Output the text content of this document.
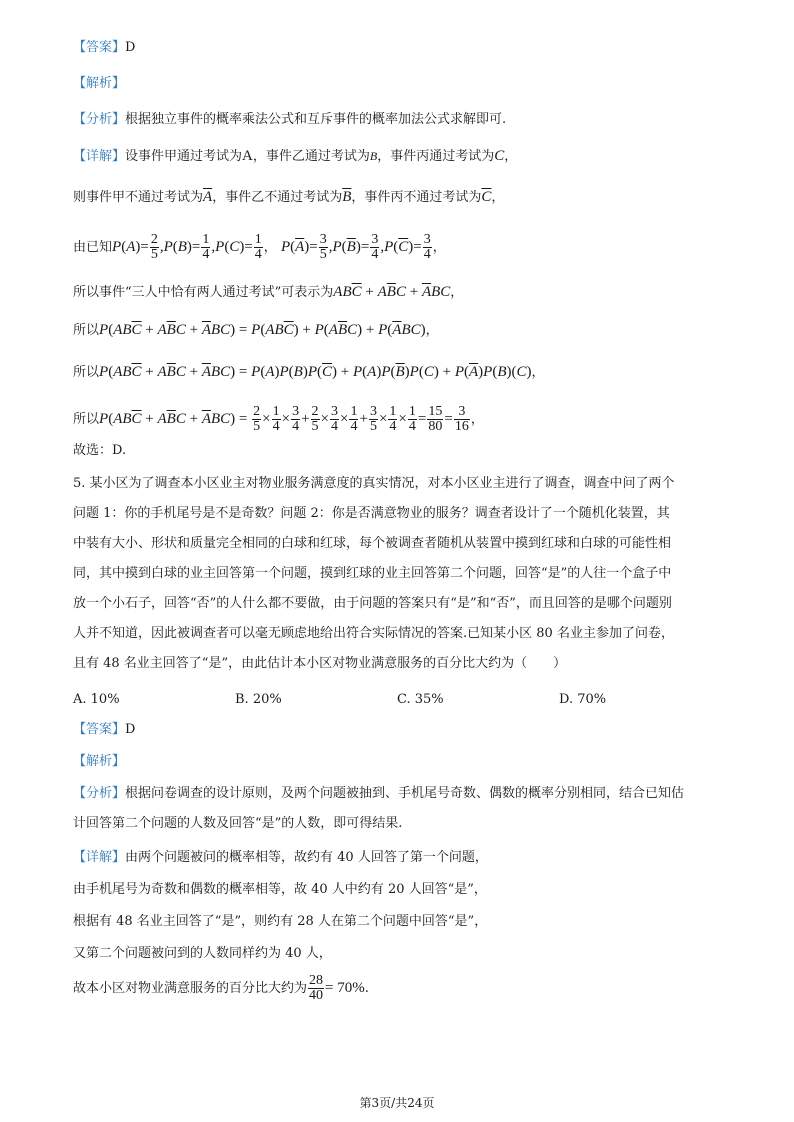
【答案】D
【解析】
【分析】根据独立事件的概率乘法公式和互斥事件的概率加法公式求解即可.
【详解】设事件甲通过考试为A，事件乙通过考试为B，事件丙通过考试为C，
则事件甲不通过考试为$\overline{A}$，事件乙不通过考试为$\overline{B}$，事件丙不通过考试为$\overline{C}$，
由已知$P(A)= \frac{2}{5} ,P(B)= \frac{1}{4} ,P(C)= \frac{1}{4}$ ， $P(\overline{A})= \frac{3}{5} ,P(\overline{B})= \frac{3}{4} ,P(\overline{C})= \frac{3}{4}$ ，
所以事件“三人中恰有两人通过考试”可表示为$AB\overline{C} + A\overline{B}C + \overline{A}BC$，
所以$P(AB\overline{C} + A\overline{B}C + \overline{A}BC) = P(AB\overline{C}) + P(A\overline{B}C) + P(\overline{A}BC)$，
所以$P(AB\overline{C} + A\overline{B}C + \overline{A}BC) = P(A)P(B)P(\overline{C}) + P(A)P(\overline{B})P(C) + P(\overline{A})P(B)(C)$，
所以$P(AB\overline{C} + A\overline{B}C + \overline{A}BC) = \frac{2}{5} \times \frac{1}{4} \times \frac{3}{4} + \frac{2}{5} \times \frac{3}{4} \times \frac{1}{4} + \frac{3}{5} \times \frac{1}{4} \times \frac{1}{4} = \frac{15}{80} = \frac{3}{16}$ ，
故选：D.
5. 某小区为了调查本小区业主对物业服务满意度的真实情况，对本小区业主进行了调查，调查中问了两个
问题 1：你的手机尾号是不是奇数？问题 2：你是否满意物业的服务？调查者设计了一个随机化装置，其
中装有大小、形状和质量完全相同的白球和红球，每个被调查者随机从装置中摸到红球和白球的可能性相
同，其中摸到白球的业主回答第一个问题，摸到红球的业主回答第二个问题，回答“是”的人往一个盒子中
放一个小石子，回答“否”的人什么都不要做，由于问题的答案只有“是”和“否”，而且回答的是哪个问题别
人并不知道，因此被调查者可以毫无顾虑地给出符合实际情况的答案.已知某小区 80 名业主参加了问卷，
且有 48 名业主回答了“是”，由此估计本小区对物业满意服务的百分比大约为（　　）
A. 10%	B. 20%	C. 35%	D. 70%
【答案】D
【解析】
【分析】根据问卷调查的设计原则，及两个问题被抽到、手机尾号奇数、偶数的概率分别相同，结合已知估
计回答第二个问题的人数及回答“是”的人数，即可得结果.
【详解】由两个问题被问的概率相等，故约有 40 人回答了第一个问题，
由手机尾号为奇数和偶数的概率相等，故 40 人中约有 20 人回答“是”，
根据有 48 名业主回答了“是”，则约有 28 人在第二个问题中回答“是”，
又第二个问题被问到的人数同样约为 40 人，
故本小区对物业满意服务的百分比大约为 $\frac{28}{40} = 70\%$.
第3页/共24页
